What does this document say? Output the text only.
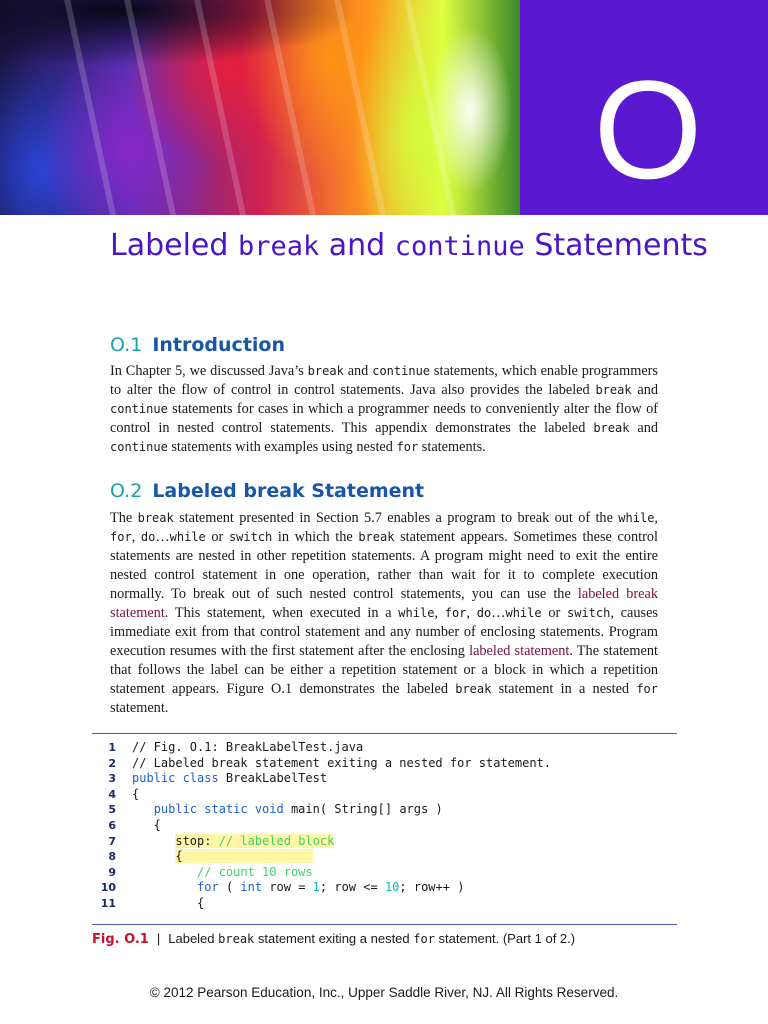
O
Labeled break and continue Statements
O.1 Introduction

In Chapter 5, we discussed Java’s break and continue statements, which enable programmers to alter the flow of control in control statements. Java also provides the labeled break and continue statements for cases in which a programmer needs to conveniently alter the flow of control in nested control statements. This appendix demonstrates the labeled break and continue statements with examples using nested for statements.

O.2 Labeled break Statement

The break statement presented in Section 5.7 enables a program to break out of the while, for, do…while or switch in which the break statement appears. Sometimes these control statements are nested in other repetition statements. A program might need to exit the entire nested control statement in one operation, rather than wait for it to complete execution normally. To break out of such nested control statements, you can use the labeled break statement. This statement, when executed in a while, for, do…while or switch, causes immediate exit from that control statement and any number of enclosing statements. Program execution resumes with the first statement after the enclosing labeled statement. The statement that follows the label can be either a repetition statement or a block in which a repetition statement appears. Figure O.1 demonstrates the labeled break statement in a nested for statement.

1 // Fig. O.1: BreakLabelTest.java
2 // Labeled break statement exiting a nested for statement.
3 public class BreakLabelTest
4 {
5	public static void main( String[] args )
6 {
7	stop: // labeled block
8	{
9	// count 10 rows
10	for ( int row = 1; row <= 10; row++ )
11	{
Fig. O.1 | Labeled break statement exiting a nested for statement. (Part 1 of 2.)
© 2012 Pearson Education, Inc., Upper Saddle River, NJ. All Rights Reserved.
